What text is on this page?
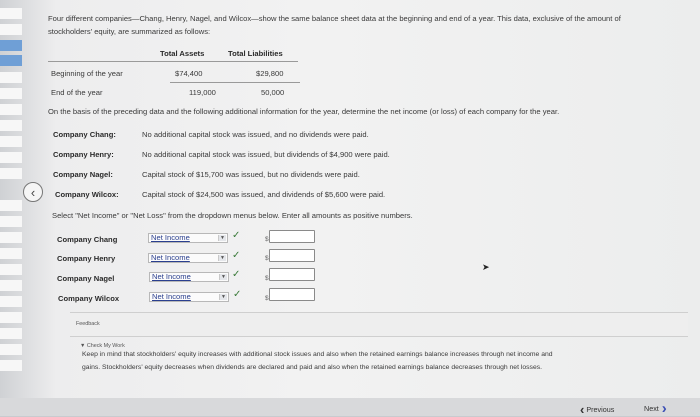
‹
Four different companies—Chang, Henry, Nagel, and Wilcox—show the same balance sheet data at the beginning and end of a year. This data, exclusive of the amount of
stockholders' equity, are summarized as follows:
Total Assets	Total Liabilities
Beginning of the year	$74,400	$29,800
End of the year	119,000	50,000
On the basis of the preceding data and the following additional information for the year, determine the net income (or loss) of each company for the year.
Company Chang:	No additional capital stock was issued, and no dividends were paid.
Company Henry:	No additional capital stock was issued, but dividends of $4,900 were paid.
Company Nagel:	Capital stock of $15,700 was issued, but no dividends were paid.
Company Wilcox:	Capital stock of $24,500 was issued, and dividends of $5,600 were paid.
Select "Net Income" or "Net Loss" from the dropdown menus below. Enter all amounts as positive numbers.
Company Chang	Net Income	▼ ✓	$
Company Henry	Net Income	▼ ✓	$
Company Nagel	Net Income	▼ ✓	$
Company Wilcox	Net Income	▼ ✓	$
➤
Feedback
▼ Check My Work
Keep in mind that stockholders' equity increases with additional stock issues and also when the retained earnings balance increases through net income and
gains. Stockholders' equity decreases when dividends are declared and paid and also when the retained earnings balance decreases through net losses.
‹ Previous	Next ›
